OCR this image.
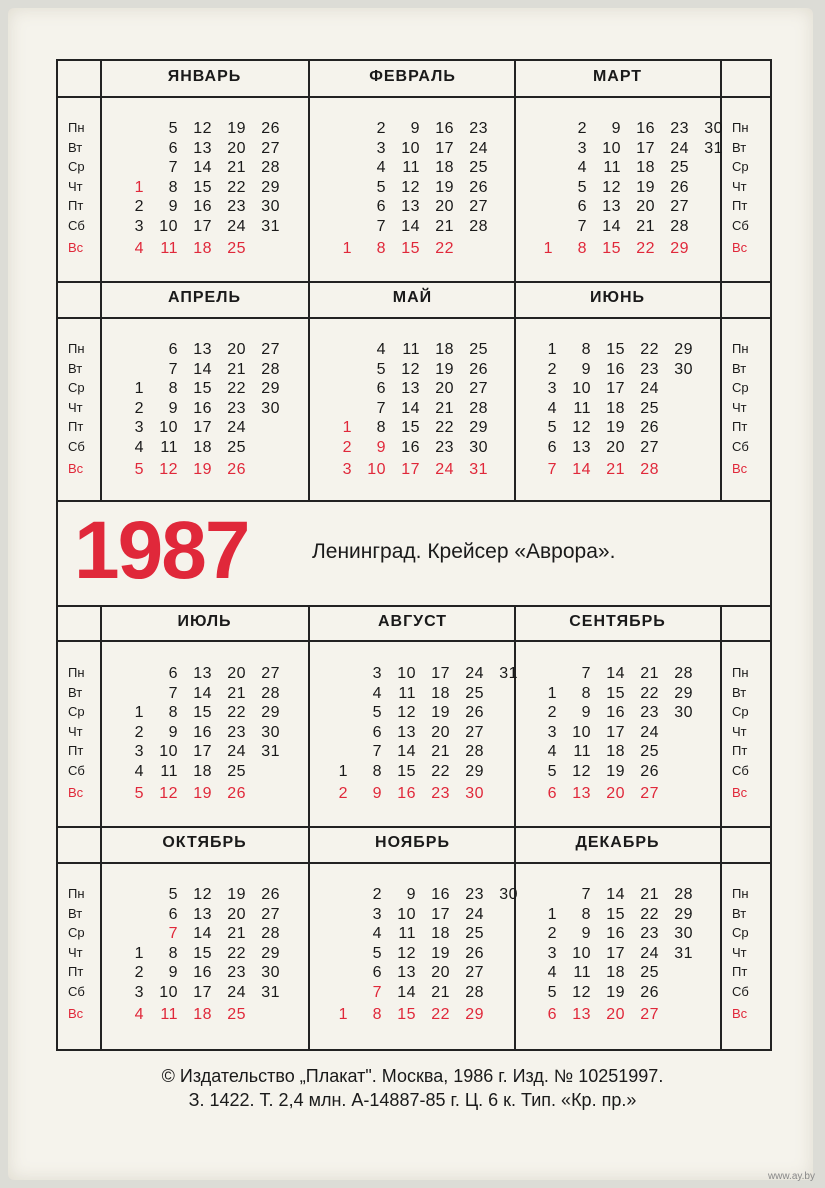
ЯНВАРЬ
Пн
Вт
Ср
Чт
Пт
Сб
Вс
1
2
3
4
5
6
7
8
9
10
11
12
13
14
15
16
17
18
19
20
21
22
23
24
25
26
27
28
29
30
31
ФЕВРАЛЬ
1
2
3
4
5
6
7
8
9
10
11
12
13
14
15
16
17
18
19
20
21
22
23
24
25
26
27
28
МАРТ
Пн
Вт
Ср
Чт
Пт
Сб
Вс
1
2
3
4
5
6
7
8
9
10
11
12
13
14
15
16
17
18
19
20
21
22
23
24
25
26
27
28
29
30
31
АПРЕЛЬ
Пн
Вт
Ср
Чт
Пт
Сб
Вс
1
2
3
4
5
6
7
8
9
10
11
12
13
14
15
16
17
18
19
20
21
22
23
24
25
26
27
28
29
30
МАЙ
1
2
3
4
5
6
7
8
9
10
11
12
13
14
15
16
17
18
19
20
21
22
23
24
25
26
27
28
29
30
31
ИЮНЬ
Пн
Вт
Ср
Чт
Пт
Сб
Вс
1
2
3
4
5
6
7
8
9
10
11
12
13
14
15
16
17
18
19
20
21
22
23
24
25
26
27
28
29
30
ИЮЛЬ
Пн
Вт
Ср
Чт
Пт
Сб
Вс
1
2
3
4
5
6
7
8
9
10
11
12
13
14
15
16
17
18
19
20
21
22
23
24
25
26
27
28
29
30
31
АВГУСТ
1
2
3
4
5
6
7
8
9
10
11
12
13
14
15
16
17
18
19
20
21
22
23
24
25
26
27
28
29
30
31
СЕНТЯБРЬ
Пн
Вт
Ср
Чт
Пт
Сб
Вс
1
2
3
4
5
6
7
8
9
10
11
12
13
14
15
16
17
18
19
20
21
22
23
24
25
26
27
28
29
30
ОКТЯБРЬ
Пн
Вт
Ср
Чт
Пт
Сб
Вс
1
2
3
4
5
6
7
8
9
10
11
12
13
14
15
16
17
18
19
20
21
22
23
24
25
26
27
28
29
30
31
НОЯБРЬ
1
2
3
4
5
6
7
8
9
10
11
12
13
14
15
16
17
18
19
20
21
22
23
24
25
26
27
28
29
30
ДЕКАБРЬ
Пн
Вт
Ср
Чт
Пт
Сб
Вс
1
2
3
4
5
6
7
8
9
10
11
12
13
14
15
16
17
18
19
20
21
22
23
24
25
26
27
28
29
30
31
1987	Ленинград. Крейсер «Аврора».
© Издательство „Плакат". Москва, 1986 г. Изд. № 10251997.
З. 1422. Т. 2,4 млн. А-14887-85 г. Ц. 6 к. Тип. «Кр. пр.»
www.ay.by
